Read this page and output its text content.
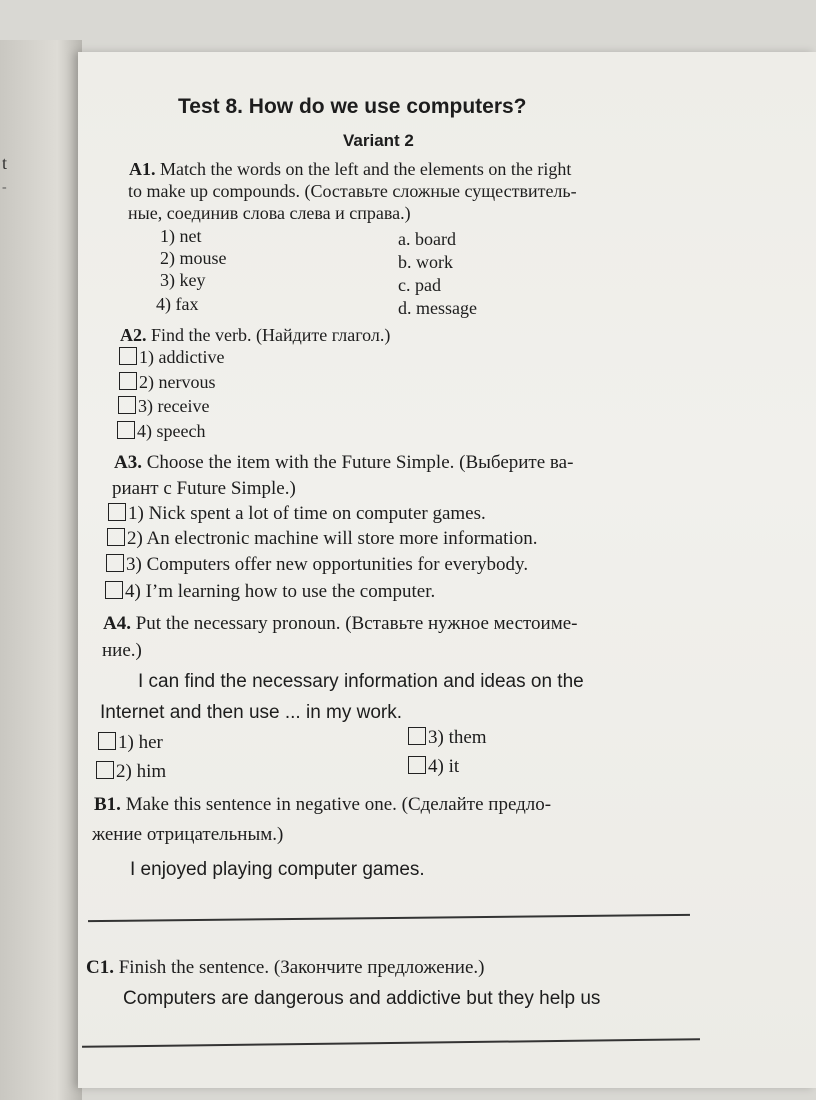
t
-
Test 8. How do we use computers?
Variant 2
A1. Match the words on the left and the elements on the right
to make up compounds. (Составьте сложные существитель-
ные, соединив слова слева и справа.)
1) net
2) mouse
3) key
4) fax
a. board
b. work
c. pad
d. message
A2. Find the verb. (Найдите глагол.)
1) addictive
2) nervous
3) receive
4) speech
A3. Choose the item with the Future Simple. (Выберите ва-
риант с Future Simple.)
1) Nick spent a lot of time on computer games.
2) An electronic machine will store more information.
3) Computers offer new opportunities for everybody.
4) I’m learning how to use the computer.
A4. Put the necessary pronoun. (Вставьте нужное местоиме-
ние.)
I can find the necessary information and ideas on the
Internet and then use ... in my work.
1) her
2) him
3) them
4) it
B1. Make this sentence in negative one. (Сделайте предло-
жение отрицательным.)
I enjoyed playing computer games.
C1. Finish the sentence. (Закончите предложение.)
Computers are dangerous and addictive but they help us
